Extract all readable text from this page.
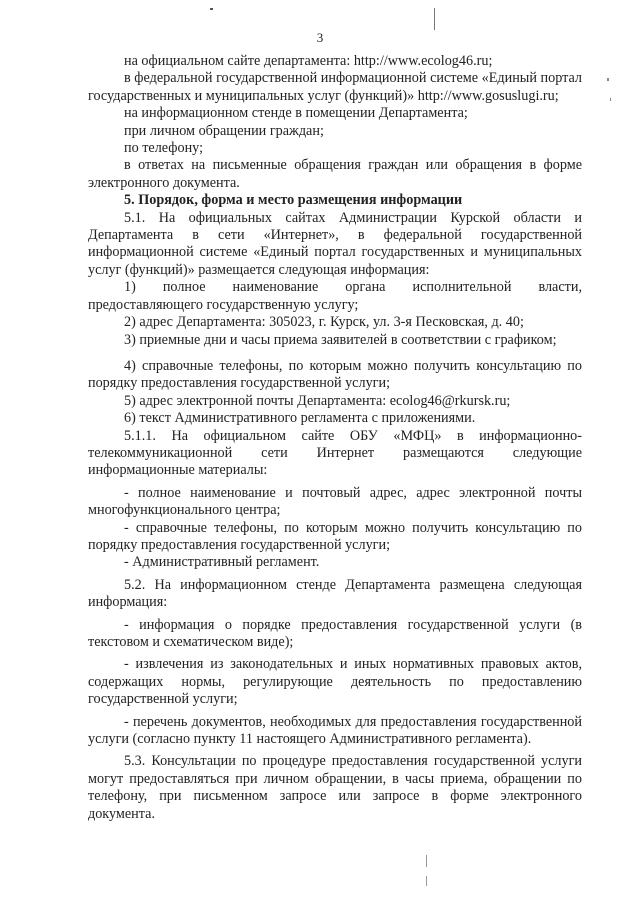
3

на официальном сайте департамента: http://www.ecolog46.ru;

в федеральной государственной информационной системе «Единый портал государственных и муниципальных услуг (функций)» http://www.gosuslugi.ru;

на информационном стенде в помещении Департамента;

при личном обращении граждан;

по телефону;

в ответах на письменные обращения граждан или обращения в форме электронного документа.

5. Порядок, форма и место размещения информации

5.1. На официальных сайтах Администрации Курской области и Департамента в сети «Интернет», в федеральной государственной информационной системе «Единый портал государственных и муниципальных услуг (функций)» размещается следующая информация:

1) полное наименование органа исполнительной власти, предоставляющего государственную услугу;

2) адрес Департамента: 305023, г. Курск, ул. 3-я Песковская, д. 40;

3) приемные дни и часы приема заявителей в соответствии с графиком;

4) справочные телефоны, по которым можно получить консультацию по порядку предоставления государственной услуги;

5) адрес электронной почты Департамента: ecolog46@rkursk.ru;

6) текст Административного регламента с приложениями.

5.1.1. На официальном сайте ОБУ «МФЦ» в информационно-телекоммуникационной сети Интернет размещаются следующие информационные материалы:

- полное наименование и почтовый адрес, адрес электронной почты многофункционального центра;

- справочные телефоны, по которым можно получить консультацию по порядку предоставления государственной услуги;

- Административный регламент.

5.2. На информационном стенде Департамента размещена следующая информация:

- информация о порядке предоставления государственной услуги (в текстовом и схематическом виде);

- извлечения из законодательных и иных нормативных правовых актов, содержащих нормы, регулирующие деятельность по предоставлению государственной услуги;

- перечень документов, необходимых для предоставления государственной услуги (согласно пункту 11 настоящего Административного регламента).

5.3. Консультации по процедуре предоставления государственной услуги могут предоставляться при личном обращении, в часы приема, обращении по телефону, при письменном запросе или запросе в форме электронного документа.
